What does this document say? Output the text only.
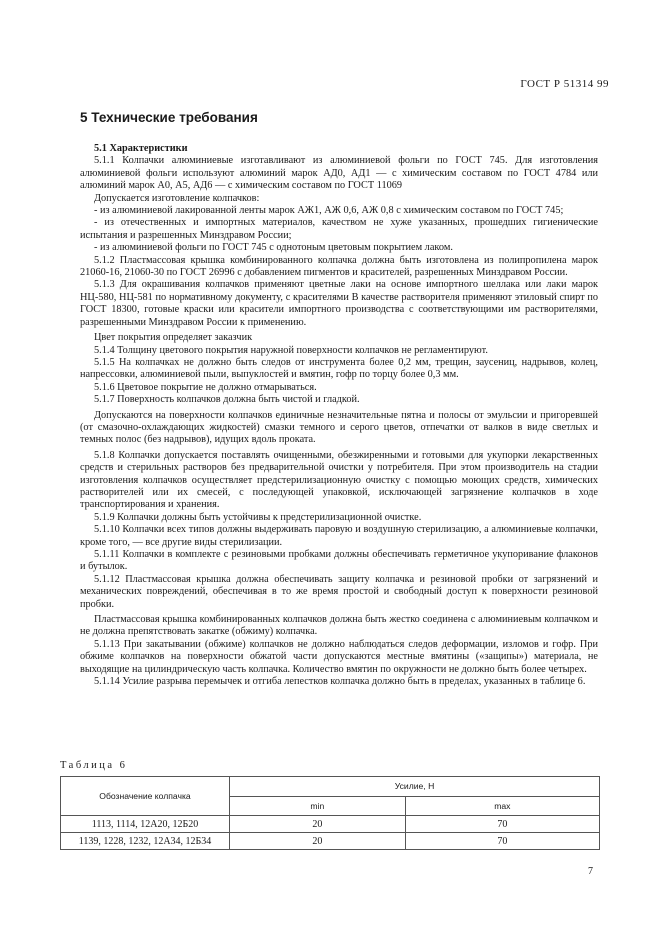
ГОСТ Р 51314 99
5 Технические требования

5.1 Характеристики

5.1.1 Колпачки алюминиевые изготавливают из алюминиевой фольги по ГОСТ 745. Для изготовления алюминиевой фольги используют алюминий марок АД0, АД1 — с химическим составом по ГОСТ 4784 или алюминий марок А0, А5, АД6 — с химическим составом по ГОСТ 11069

Допускается изготовление колпачков:

- из алюминиевой лакированной ленты марок АЖ1, АЖ 0,6, АЖ 0,8 с химическим составом по ГОСТ 745;

- из отечественных и импортных материалов, качеством не хуже указанных, прошедших гигиенические испытания и разрешенных Минздравом России;

- из алюминиевой фольги по ГОСТ 745 с однотоным цветовым покрытием лаком.

5.1.2 Пластмассовая крышка комбинированного колпачка должна быть изготовлена из полипропилена марок 21060-16, 21060-30 по ГОСТ 26996 с добавлением пигментов и красителей, разрешенных Минздравом России.

5.1.3 Для окрашивания колпачков применяют цветные лаки на основе импортного шеллака или лаки марок НЦ-580, НЦ-581 по нормативному документу, с красителями В качестве растворителя применяют этиловый спирт по ГОСТ 18300, готовые краски или красители импортного производства с соответствующими им растворителями, разрешенными Минздравом России к применению.

Цвет покрытия определяет заказчик

5.1.4 Толщину цветового покрытия наружной поверхности колпачков не регламентируют.

5.1.5 На колпачках не должно быть следов от инструмента более 0,2 мм, трещин, заусениц, надрывов, колец, напрессовки, алюминиевой пыли, выпуклостей и вмятин, гофр по торцу более 0,3 мм.

5.1.6 Цветовое покрытие не должно отмарываться.

5.1.7 Поверхность колпачков должна быть чистой и гладкой.

Допускаются на поверхности колпачков единичные незначительные пятна и полосы от эмульсии и пригоревшей (от смазочно-охлаждающих жидкостей) смазки темного и серого цветов, отпечатки от валков в виде светлых и темных полос (без надрывов), идущих вдоль проката.

5.1.8 Колпачки допускается поставлять очищенными, обезжиренными и готовыми для укупорки лекарственных средств и стерильных растворов без предварительной очистки у потребителя. При этом производитель на стадии изготовления колпачков осуществляет предстерилизационную очистку с помощью моющих средств, химических растворителей или их смесей, с последующей упаковкой, исключающей загрязнение колпачков в ходе транспортирования и хранения.

5.1.9 Колпачки должны быть устойчивы к предстерилизационной очистке.

5.1.10 Колпачки всех типов должны выдерживать паровую и воздушную стерилизацию, а алюминиевые колпачки, кроме того, — все другие виды стерилизации.

5.1.11 Колпачки в комплекте с резиновыми пробками должны обеспечивать герметичное укупоривание флаконов и бутылок.

5.1.12 Пластмассовая крышка должна обеспечивать защиту колпачка и резиновой пробки от загрязнений и механических повреждений, обеспечивая в то же время простой и свободный доступ к поверхности резиновой пробки.

Пластмассовая крышка комбинированных колпачков должна быть жестко соединена с алюминиевым колпачком и не должна препятствовать закатке (обжиму) колпачка.

5.1.13 При закатывании (обжиме) колпачков не должно наблюдаться следов деформации, изломов и гофр. При обжиме колпачков на поверхности обжатой части допускаются местные вмятины («защипы») материала, не выходящие на цилиндрическую часть колпачка. Количество вмятин по окружности не должно быть более четырех.

5.1.14 Усилие разрыва перемычек и отгиба лепестков колпачка должно быть в пределах, указанных в таблице 6.

Таблица 6
Обозначение колпачка	Усилие, Н	
	min	max
1113, 1114, 12А20, 12Б20	20	70
1139, 1228, 1232, 12А34, 12Б34	20	70
7
